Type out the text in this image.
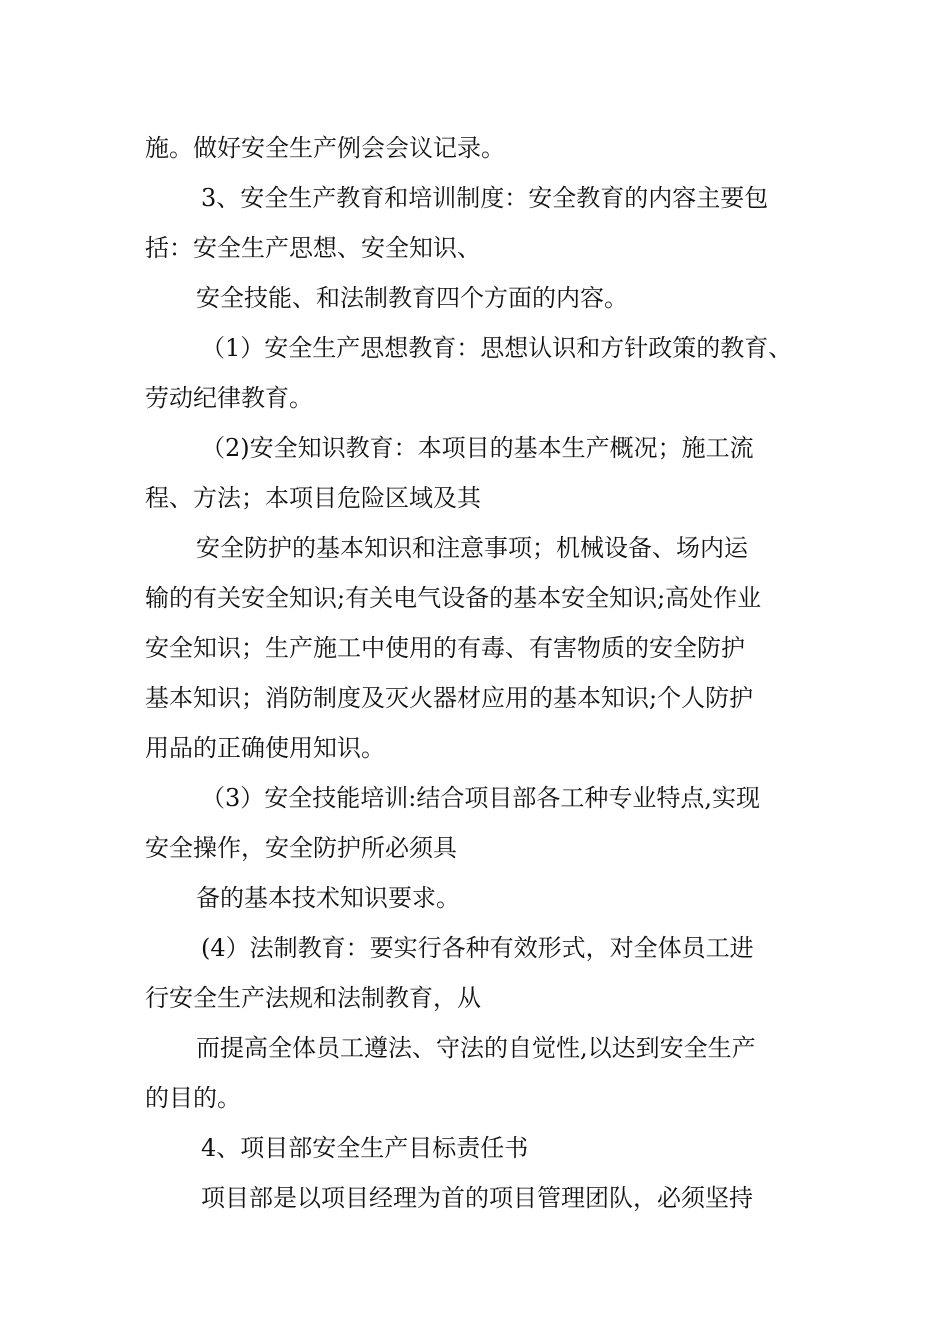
施。做好安全生产例会会议记录。
3、安全生产教育和培训制度：安全教育的内容主要包
括：安全生产思想、安全知识、
安全技能、和法制教育四个方面的内容。
（1）安全生产思想教育：思想认识和方针政策的教育、
劳动纪律教育。
（2)安全知识教育：本项目的基本生产概况；施工流
程、方法；本项目危险区域及其
安全防护的基本知识和注意事项；机械设备、场内运
输的有关安全知识;有关电气设备的基本安全知识;高处作业
安全知识；生产施工中使用的有毒、有害物质的安全防护
基本知识；消防制度及灭火器材应用的基本知识;个人防护
用品的正确使用知识。
（3）安全技能培训:结合项目部各工种专业特点,实现
安全操作，安全防护所必须具
备的基本技术知识要求。
(4）法制教育：要实行各种有效形式，对全体员工进
行安全生产法规和法制教育，从
而提高全体员工遵法、守法的自觉性,以达到安全生产
的目的。
4、项目部安全生产目标责任书
项目部是以项目经理为首的项目管理团队，必须坚持
